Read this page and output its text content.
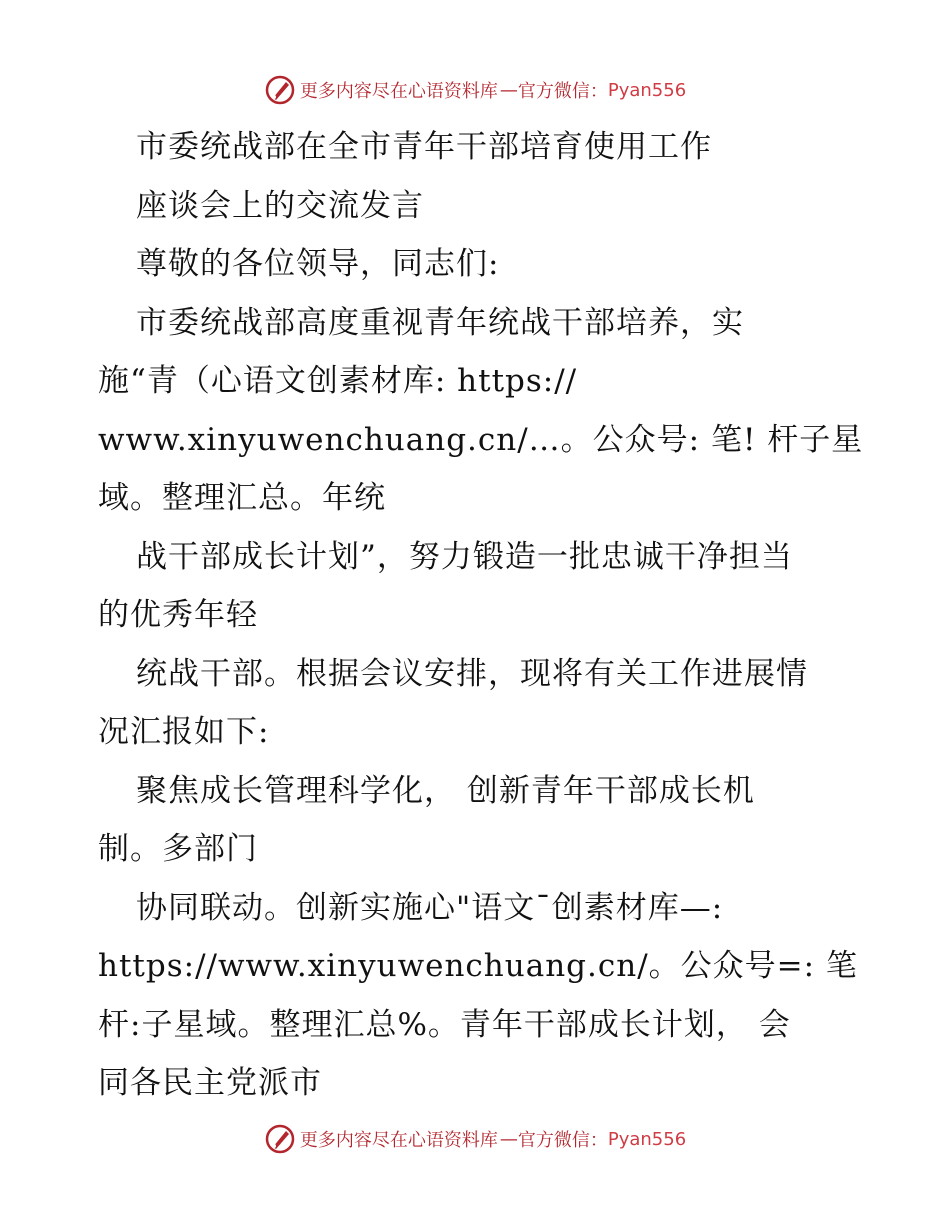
更多内容尽在心语资料库 — 官方微信： Pyan556
市委统战部在全市青年干部培育使用工作
座谈会上的交流发言
尊敬的各位领导，同志们:
市委统战部高度重视青年统战干部培养，实
施“青（心语文创素材库: https://
www.xinyuwenchuang.cn/…。公众号: 笔! 杆子星
域。整理汇总。年统
战干部成长计划”，努力锻造一批忠诚干净担当
的优秀年轻
统战干部。根据会议安排，现将有关工作进展情
况汇报如下:
聚焦成长管理科学化， 创新青年干部成长机
制。多部门
协同联动。创新实施心"语文¯创素材库—:
https://www.xinyuwenchuang.cn/。公众号=: 笔
杆:子星域。整理汇总%。青年干部成长计划， 会
同各民主党派市
更多内容尽在心语资料库 — 官方微信： Pyan556
